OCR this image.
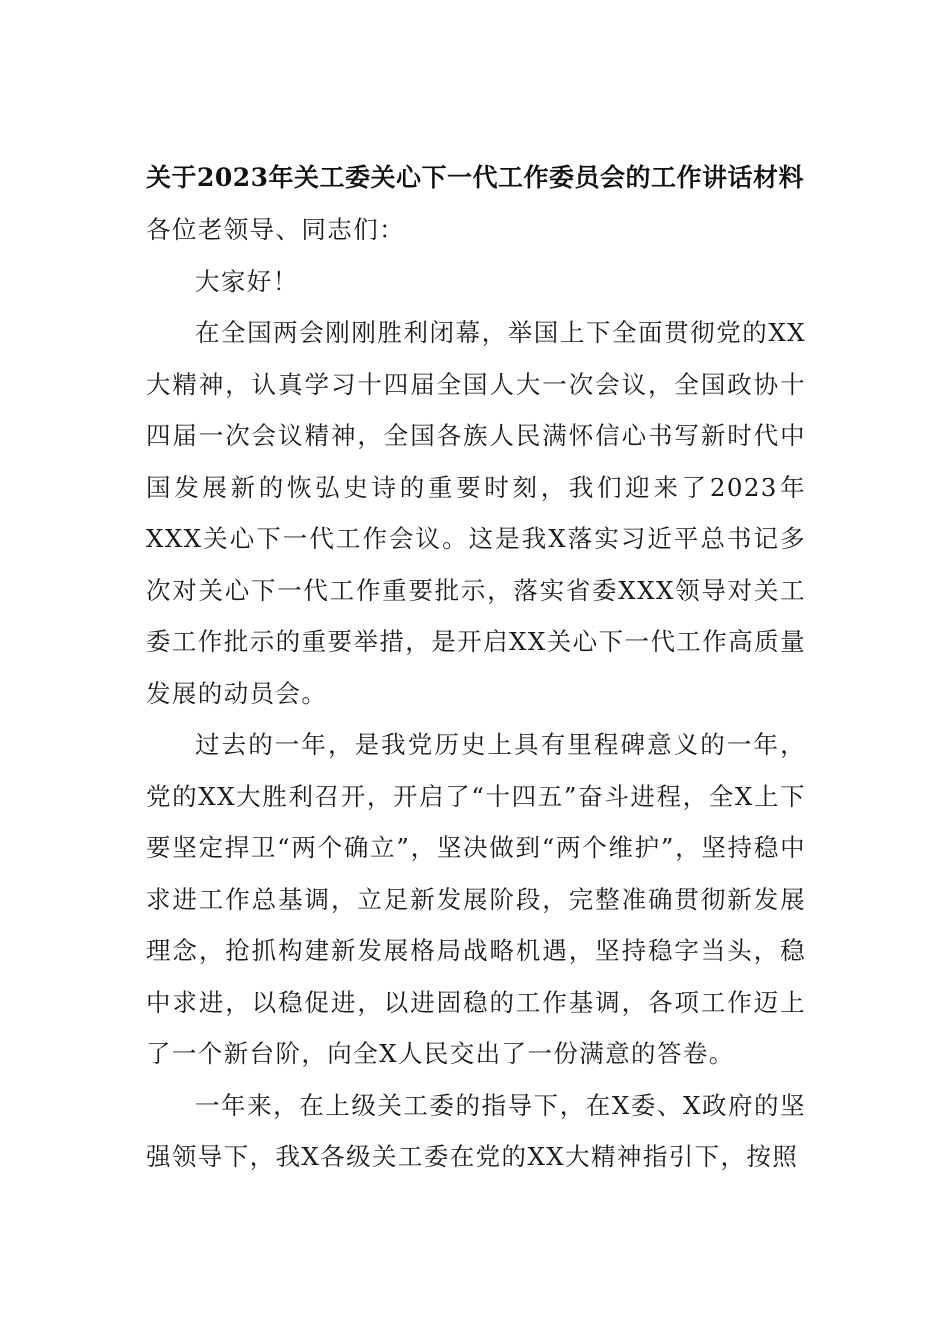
关于2023年关工委关心下一代工作委员会的工作讲话材料

各位老领导、同志们：

大家好！

在全国两会刚刚胜利闭幕，举国上下全面贯彻党的XX大精神，认真学习十四届全国人大一次会议，全国政协十四届一次会议精神，全国各族人民满怀信心书写新时代中国发展新的恢弘史诗的重要时刻，我们迎来了2023年XXX关心下一代工作会议。这是我X落实习近平总书记多次对关心下一代工作重要批示，落实省委XXX领导对关工委工作批示的重要举措，是开启XX关心下一代工作高质量发展的动员会。

过去的一年，是我党历史上具有里程碑意义的一年，党的XX大胜利召开，开启了“十四五”奋斗进程，全X上下要坚定捍卫“两个确立”，坚决做到“两个维护”，坚持稳中求进工作总基调，立足新发展阶段，完整准确贯彻新发展理念，抢抓构建新发展格局战略机遇，坚持稳字当头，稳中求进，以稳促进，以进固稳的工作基调，各项工作迈上了一个新台阶，向全X人民交出了一份满意的答卷。

一年来，在上级关工委的指导下，在X委、X政府的坚强领导下，我X各级关工委在党的XX大精神指引下，按照
